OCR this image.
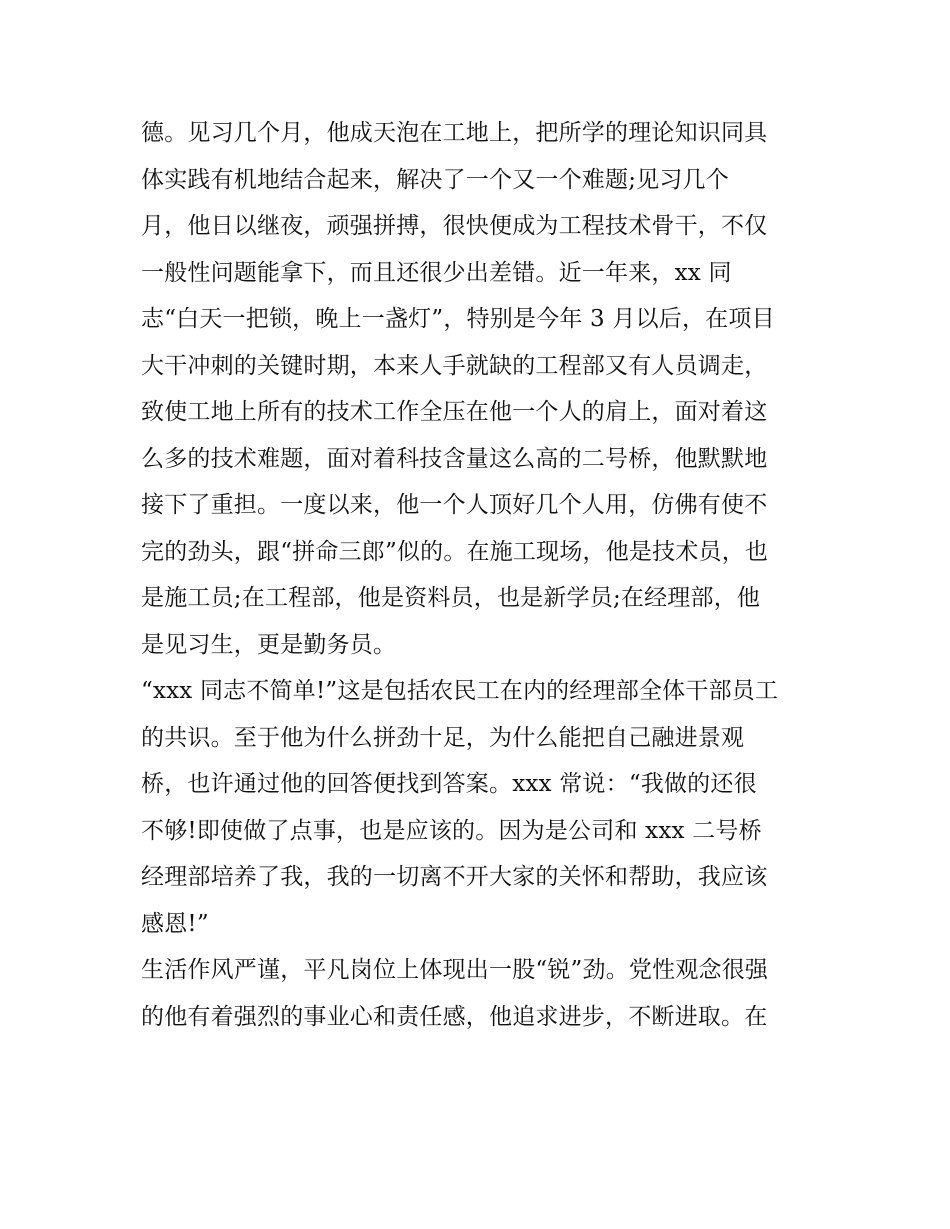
德。见习几个月，他成天泡在工地上，把所学的理论知识同具
体实践有机地结合起来，解决了一个又一个难题;见习几个
月，他日以继夜，顽强拼搏，很快便成为工程技术骨干，不仅
一般性问题能拿下，而且还很少出差错。近一年来，xx 同
志“白天一把锁，晚上一盏灯”，特别是今年 3 月以后，在项目
大干冲刺的关键时期，本来人手就缺的工程部又有人员调走，
致使工地上所有的技术工作全压在他一个人的肩上，面对着这
么多的技术难题，面对着科技含量这么高的二号桥，他默默地
接下了重担。一度以来，他一个人顶好几个人用，仿佛有使不
完的劲头，跟“拼命三郎”似的。在施工现场，他是技术员，也
是施工员;在工程部，他是资料员，也是新学员;在经理部，他
是见习生，更是勤务员。
“xxx 同志不简单!”这是包括农民工在内的经理部全体干部员工
的共识。至于他为什么拼劲十足，为什么能把自己融进景观
桥，也许通过他的回答便找到答案。xxx 常说：“我做的还很
不够!即使做了点事，也是应该的。因为是公司和 xxx 二号桥
经理部培养了我，我的一切离不开大家的关怀和帮助，我应该
感恩!”
生活作风严谨，平凡岗位上体现出一股“锐”劲。党性观念很强
的他有着强烈的事业心和责任感，他追求进步，不断进取。在
